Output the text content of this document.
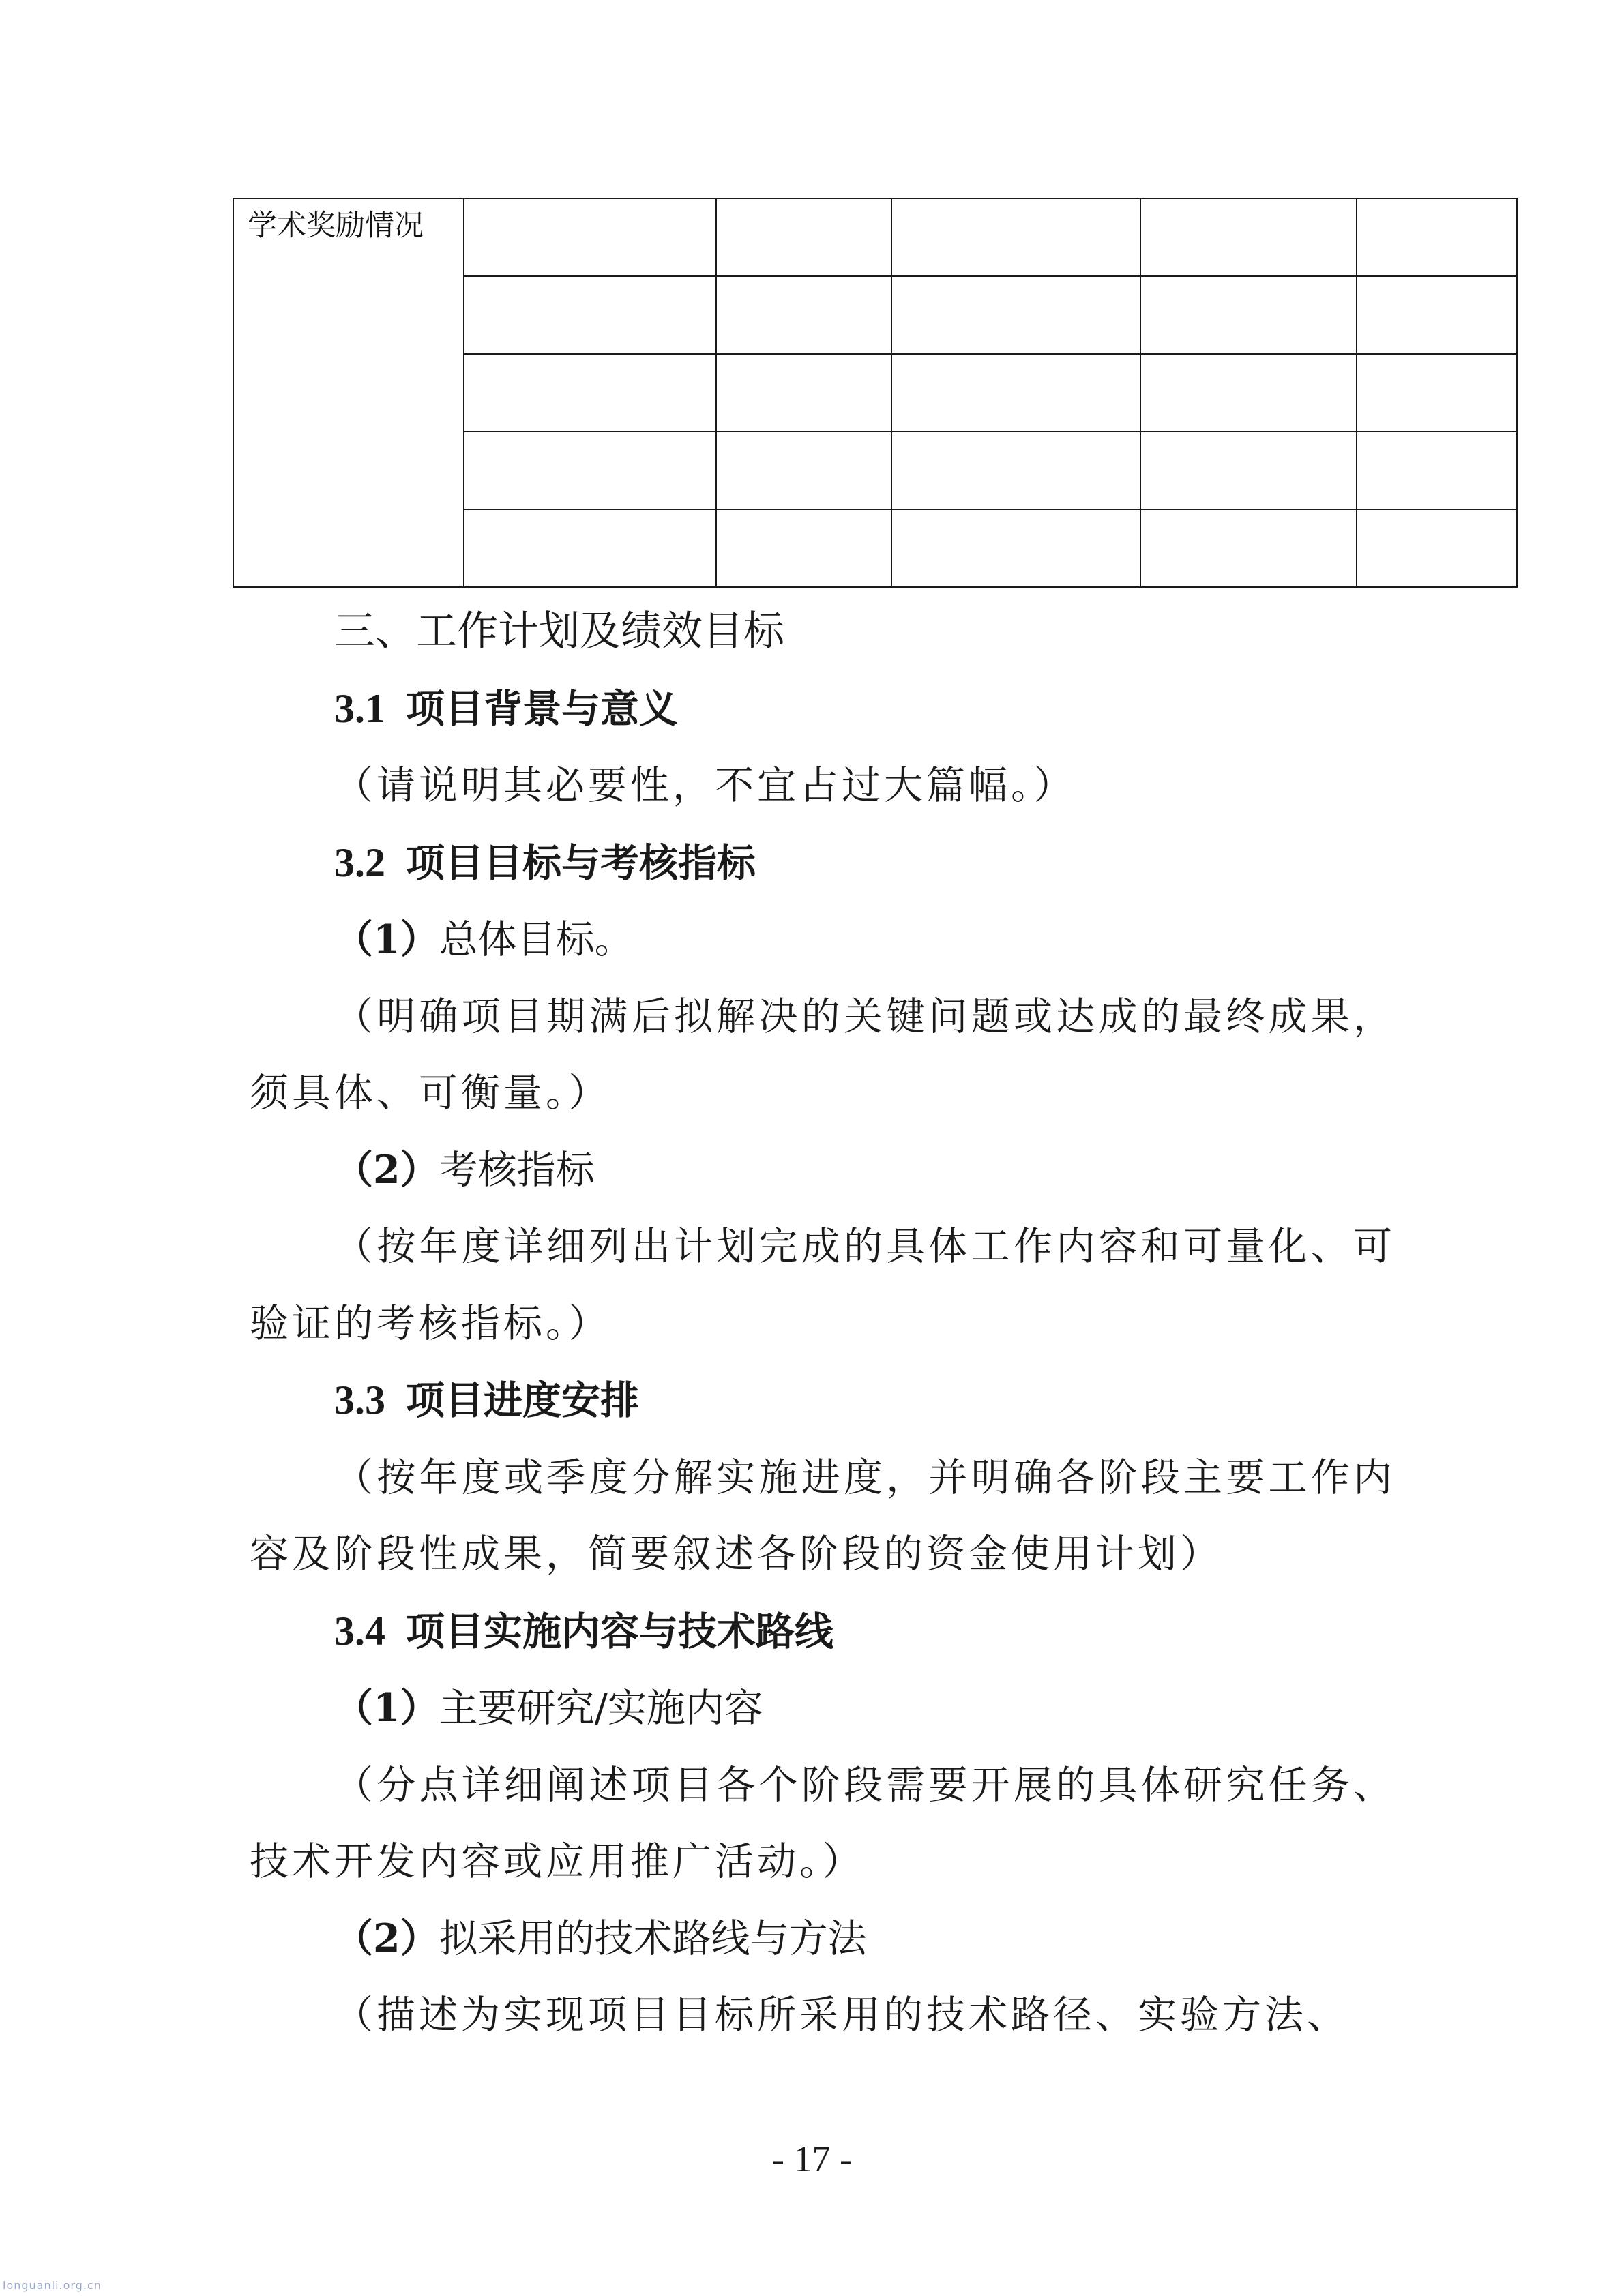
学术奖励情况					

三、工作计划及绩效目标

3.1 项目背景与意义

（请说明其必要性，不宜占过大篇幅。）

3.2 项目目标与考核指标

（1）总体目标。

（明确项目期满后拟解决的关键问题或达成的最终成果，须具体、可衡量。）

（2）考核指标

（按年度详细列出计划完成的具体工作内容和可量化、可验证的考核指标。）

3.3 项目进度安排

（按年度或季度分解实施进度，并明确各阶段主要工作内容及阶段性成果，简要叙述各阶段的资金使用计划）

3.4 项目实施内容与技术路线

（1）主要研究/实施内容

（分点详细阐述项目各个阶段需要开展的具体研究任务、技术开发内容或应用推广活动。）

（2）拟采用的技术路线与方法

（描述为实现项目目标所采用的技术路径、实验方法、

- 17 -
longuanli.org.cn
